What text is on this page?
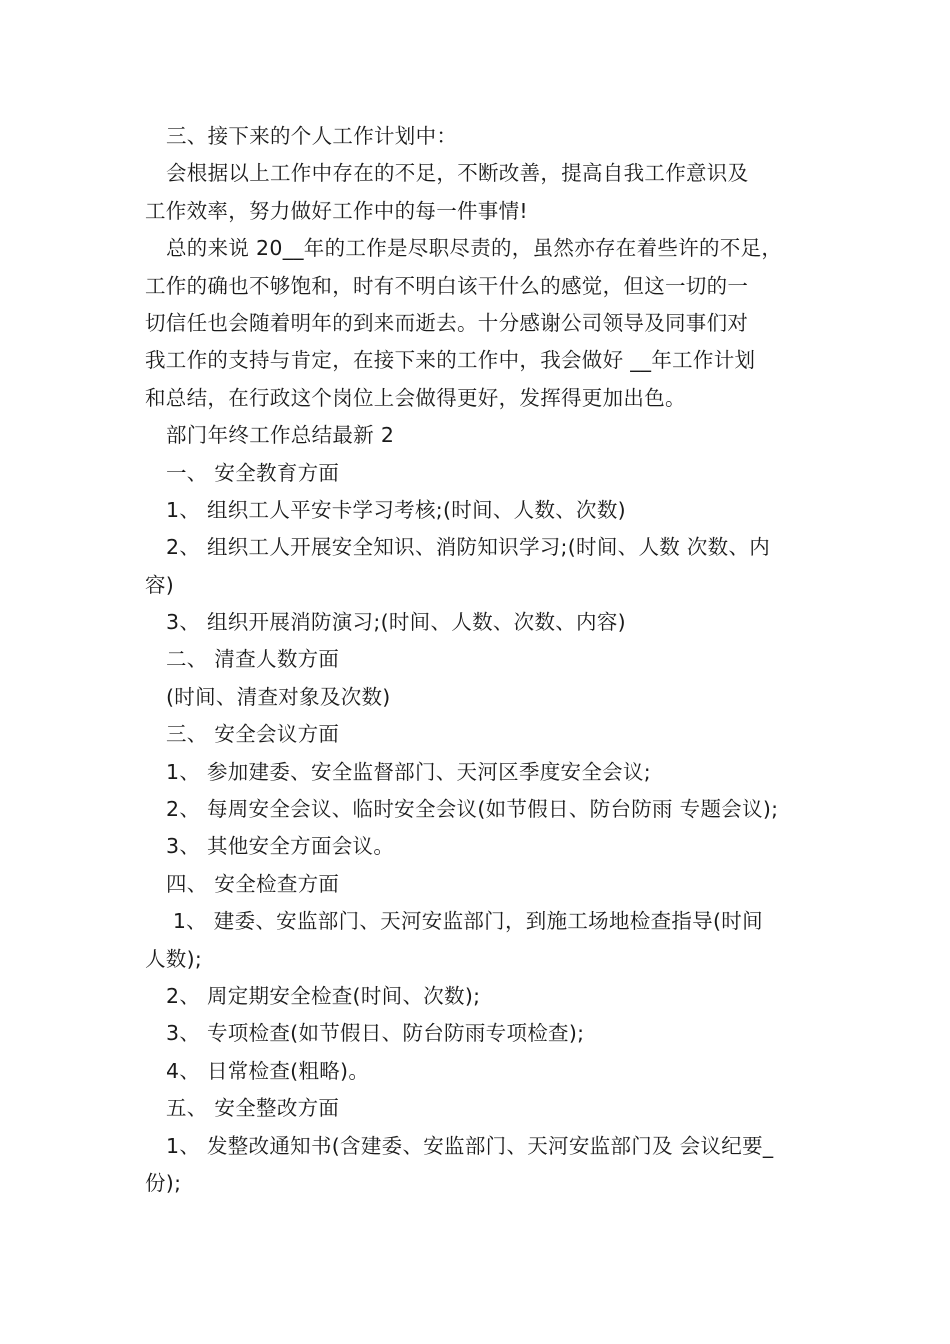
三、接下来的个人工作计划中：
会根据以上工作中存在的不足，不断改善，提高自我工作意识及
工作效率，努力做好工作中的每一件事情!
总的来说 20__年的工作是尽职尽责的，虽然亦存在着些许的不足，
工作的确也不够饱和，时有不明白该干什么的感觉，但这一切的一
切信任也会随着明年的到来而逝去。十分感谢公司领导及同事们对
我工作的支持与肯定，在接下来的工作中，我会做好 __年工作计划
和总结，在行政这个岗位上会做得更好，发挥得更加出色。
部门年终工作总结最新 2
一、 安全教育方面
1、 组织工人平安卡学习考核;(时间、人数、次数)
2、 组织工人开展安全知识、消防知识学习;(时间、人数 次数、内
容)
3、 组织开展消防演习;(时间、人数、次数、内容)
二、 清查人数方面
(时间、清查对象及次数)
三、 安全会议方面
1、 参加建委、安全监督部门、天河区季度安全会议;
2、 每周安全会议、临时安全会议(如节假日、防台防雨 专题会议);
3、 其他安全方面会议。
四、 安全检查方面
1、 建委、安监部门、天河安监部门，到施工场地检查指导(时间
人数);
2、 周定期安全检查(时间、次数);
3、 专项检查(如节假日、防台防雨专项检查);
4、 日常检查(粗略)。
五、 安全整改方面
1、 发整改通知书(含建委、安监部门、天河安监部门及 会议纪要_
份);
